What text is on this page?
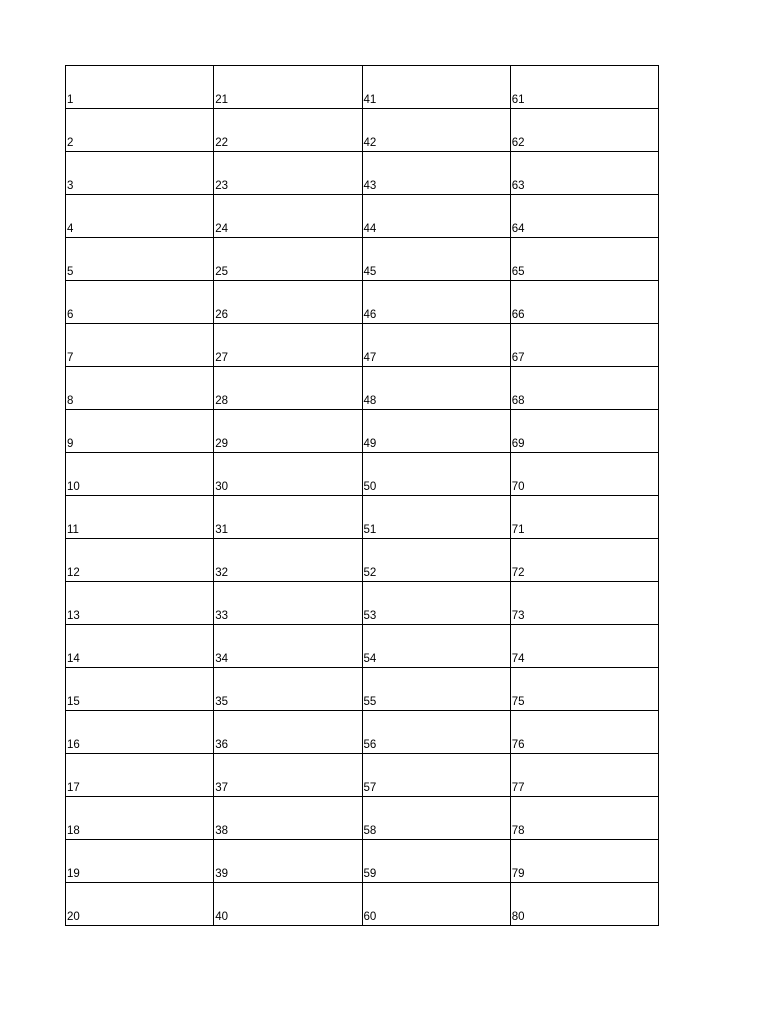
1	21	41	61
2	22	42	62
3	23	43	63
4	24	44	64
5	25	45	65
6	26	46	66
7	27	47	67
8	28	48	68
9	29	49	69
10	30	50	70
11	31	51	71
12	32	52	72
13	33	53	73
14	34	54	74
15	35	55	75
16	36	56	76
17	37	57	77
18	38	58	78
19	39	59	79
20	40	60	80
